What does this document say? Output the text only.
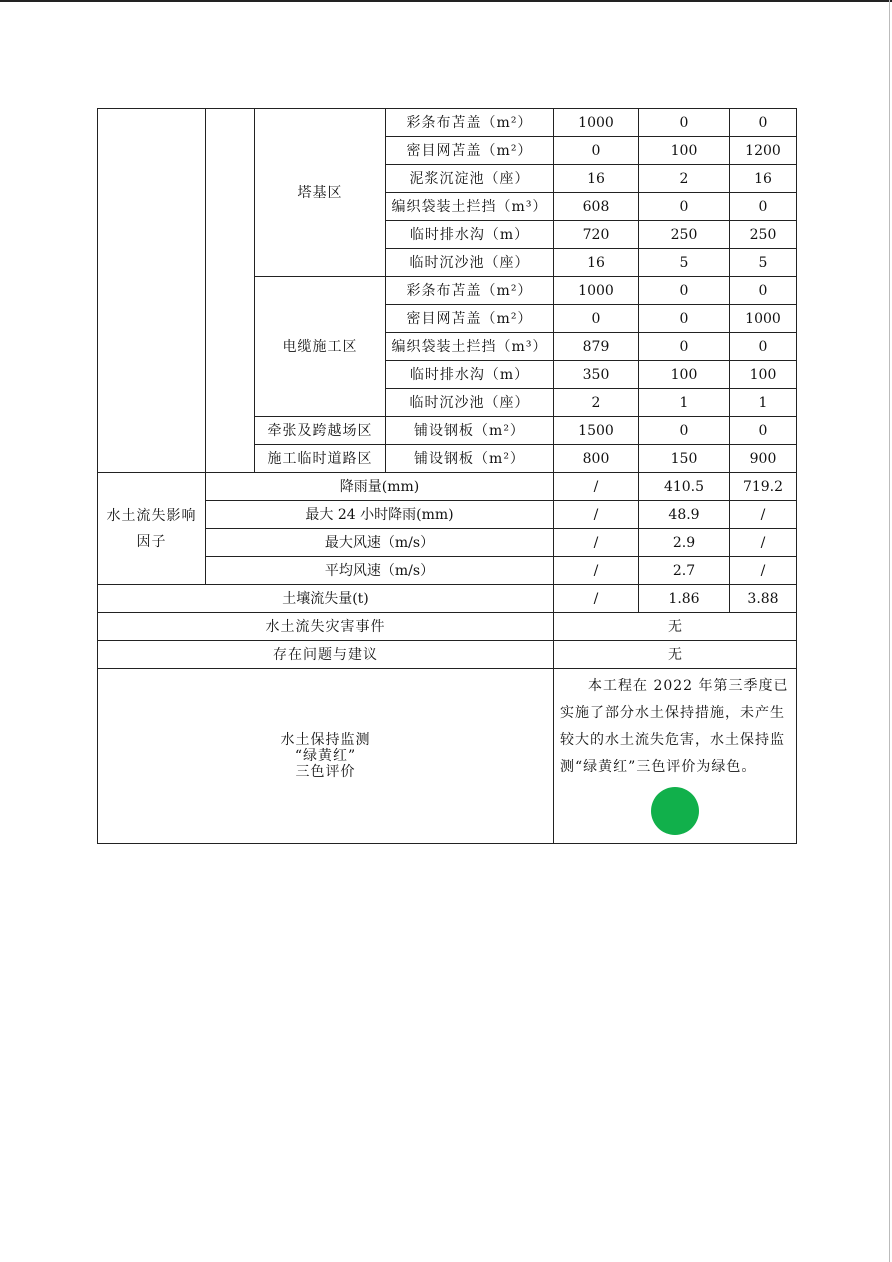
		塔基区	彩条布苫盖（m²）	1000	0	0
			密目网苫盖（m²）	0	100	1200
			泥浆沉淀池（座）	16	2	16
			编织袋装土拦挡（m³）	608	0	0
			临时排水沟（m）	720	250	250
			临时沉沙池（座）	16	5	5
		电缆施工区	彩条布苫盖（m²）	1000	0	0
			密目网苫盖（m²）	0	0	1000
			编织袋装土拦挡（m³）	879	0	0
			临时排水沟（m）	350	100	100
			临时沉沙池（座）	2	1	1
		牵张及跨越场区	铺设钢板（m²）	1500	0	0
		施工临时道路区	铺设钢板（m²）	800	150	900
水土流失影响因子	降雨量(mm)			/	410.5	719.2
	最大 24 小时降雨(mm)			/	48.9	/
	最大风速（m/s）			/	2.9	/
	平均风速（m/s）			/	2.7	/
土壤流失量(t)				/	1.86	3.88
水土流失灾害事件				无		
存在问题与建议				无		

水土保持监测
“绿黄红”
三色评价				本工程在 2022 年第三季度已实施了部分水土保持措施，未产生较大的水土流失危害，水土保持监测“绿黄红”三色评价为绿色。		
